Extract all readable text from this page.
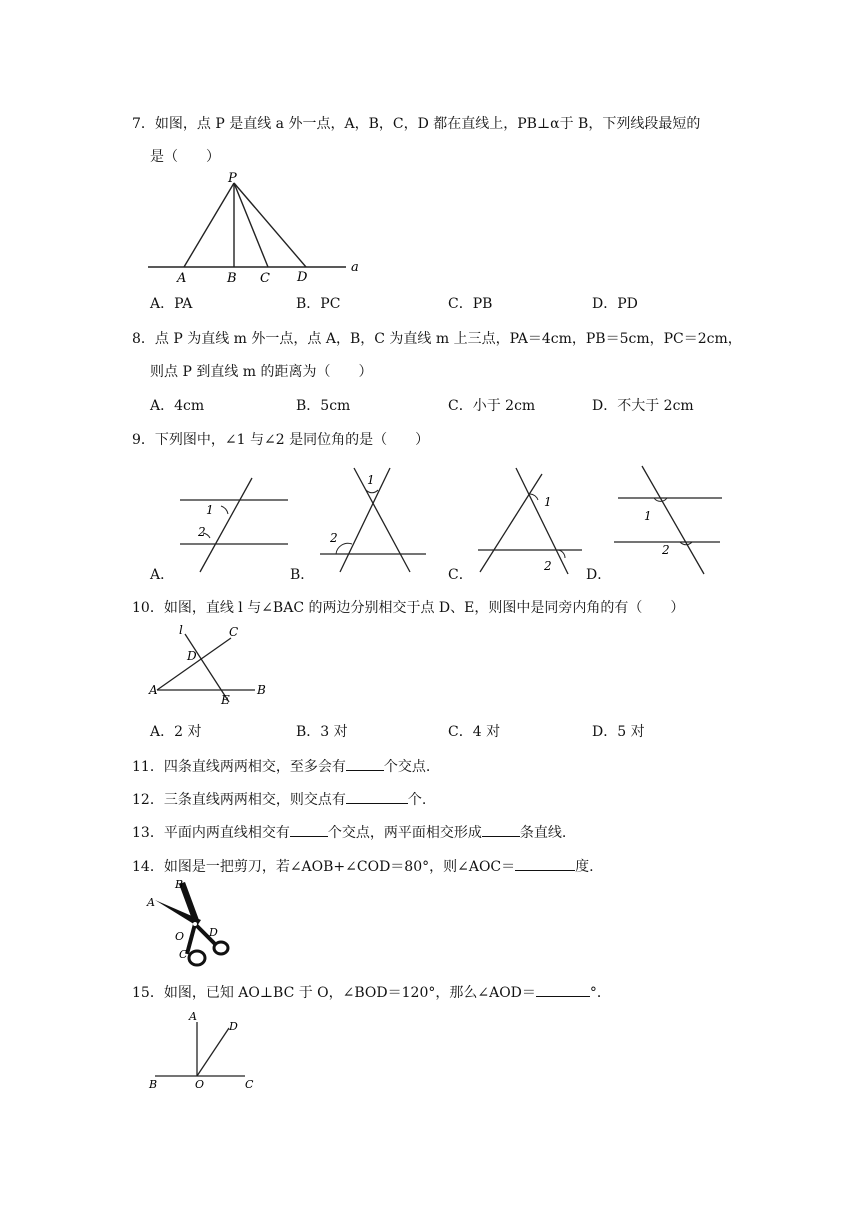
7．如图，点 P 是直线 a 外一点，A，B，C，D 都在直线上，PB⊥α于 B，下列线段最短的
是（　　）
P
A	B C D
a
A．PA	B．PC	C．PB	D．PD
8．点 P 为直线 m 外一点，点 A，B，C 为直线 m 上三点，PA＝4cm，PB＝5cm，PC＝2cm，
则点 P 到直线 m 的距离为（　　）
A．4cm	B．5cm	C．小于 2cm	D．不大于 2cm
9．下列图中，∠1 与∠2 是同位角的是（　　）
A．
1
2
B．
1
2
C．
1
2
D．
1
2
10．如图，直线 l 与∠BAC 的两边分别相交于点 D、E，则图中是同旁内角的有（　　）
l	C
D
A
E
B
A．2 对	B．3 对	C．4 对	D．5 对
11．四条直线两两相交，至多会有	个交点.
12．三条直线两两相交，则交点有	个.
13．平面内两直线相交有	个交点，两平面相交形成	条直线.
14．如图是一把剪刀，若∠AOB+∠COD＝80°，则∠AOC＝	度.
A
B
O
C
D
15．如图，已知 AO⊥BC 于 O，∠BOD＝120°，那么∠AOD＝	°．
A
D
B	O	C
